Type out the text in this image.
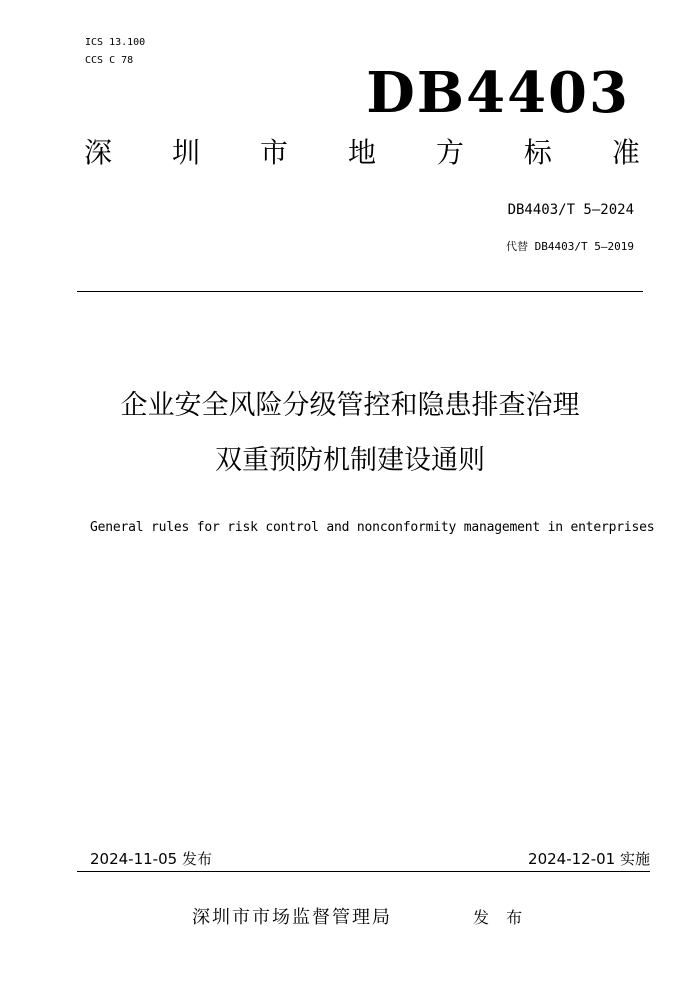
ICS 13.100
CCS C 78	DB4403
深 圳 市 地 方 标 准
DB4403/T 5—2024
代替 DB4403/T 5—2019
企业安全风险分级管控和隐患排查治理
双重预防机制建设通则
General rules for risk control and nonconformity management in enterprises
2024-11-05 发布	2024-12-01 实施
深圳市市场监督管理局	发 布
